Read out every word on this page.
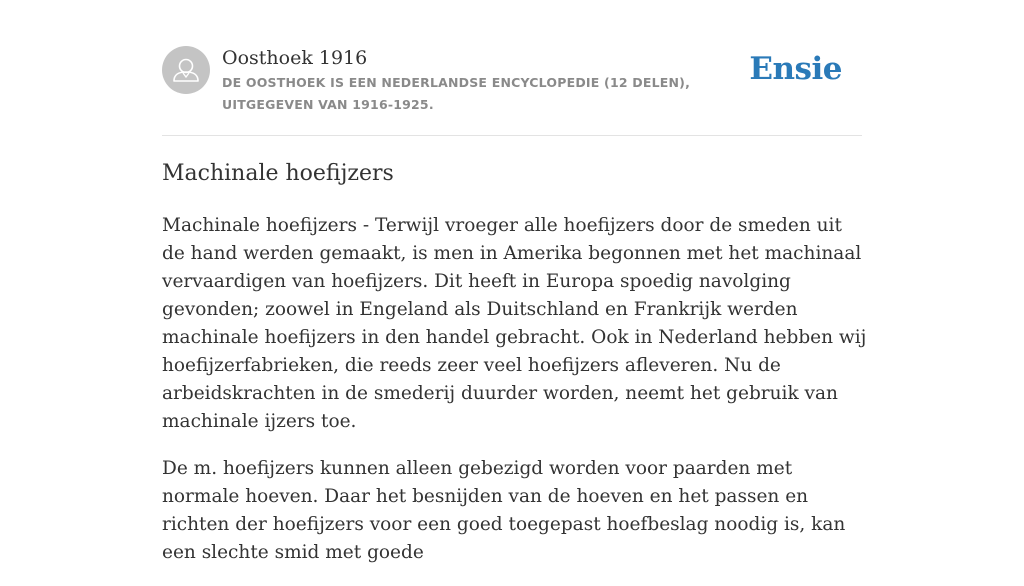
Oosthoek 1916
DE OOSTHOEK IS EEN NEDERLANDSE ENCYCLOPEDIE (12 DELEN), UITGEGEVEN VAN 1916-1925.
Ensie
Machinale hoefijzers

Machinale hoefijzers - Terwijl vroeger alle hoefijzers door de smeden uit de hand werden gemaakt, is men in Amerika begonnen met het machinaal vervaardigen van hoefijzers. Dit heeft in Europa spoedig navolging gevonden; zoowel in Engeland als Duitschland en Frankrijk werden machinale hoefijzers in den handel gebracht. Ook in Nederland hebben wij hoefijzerfabrieken, die reeds zeer veel hoefijzers afleveren. Nu de arbeidskrachten in de smederij duurder worden, neemt het gebruik van machinale ijzers toe.

De m. hoefijzers kunnen alleen gebezigd worden voor paarden met normale hoeven. Daar het besnijden van de hoeven en het passen en richten der hoefijzers voor een goed toegepast hoefbeslag noodig is, kan een slechte smid met goede
